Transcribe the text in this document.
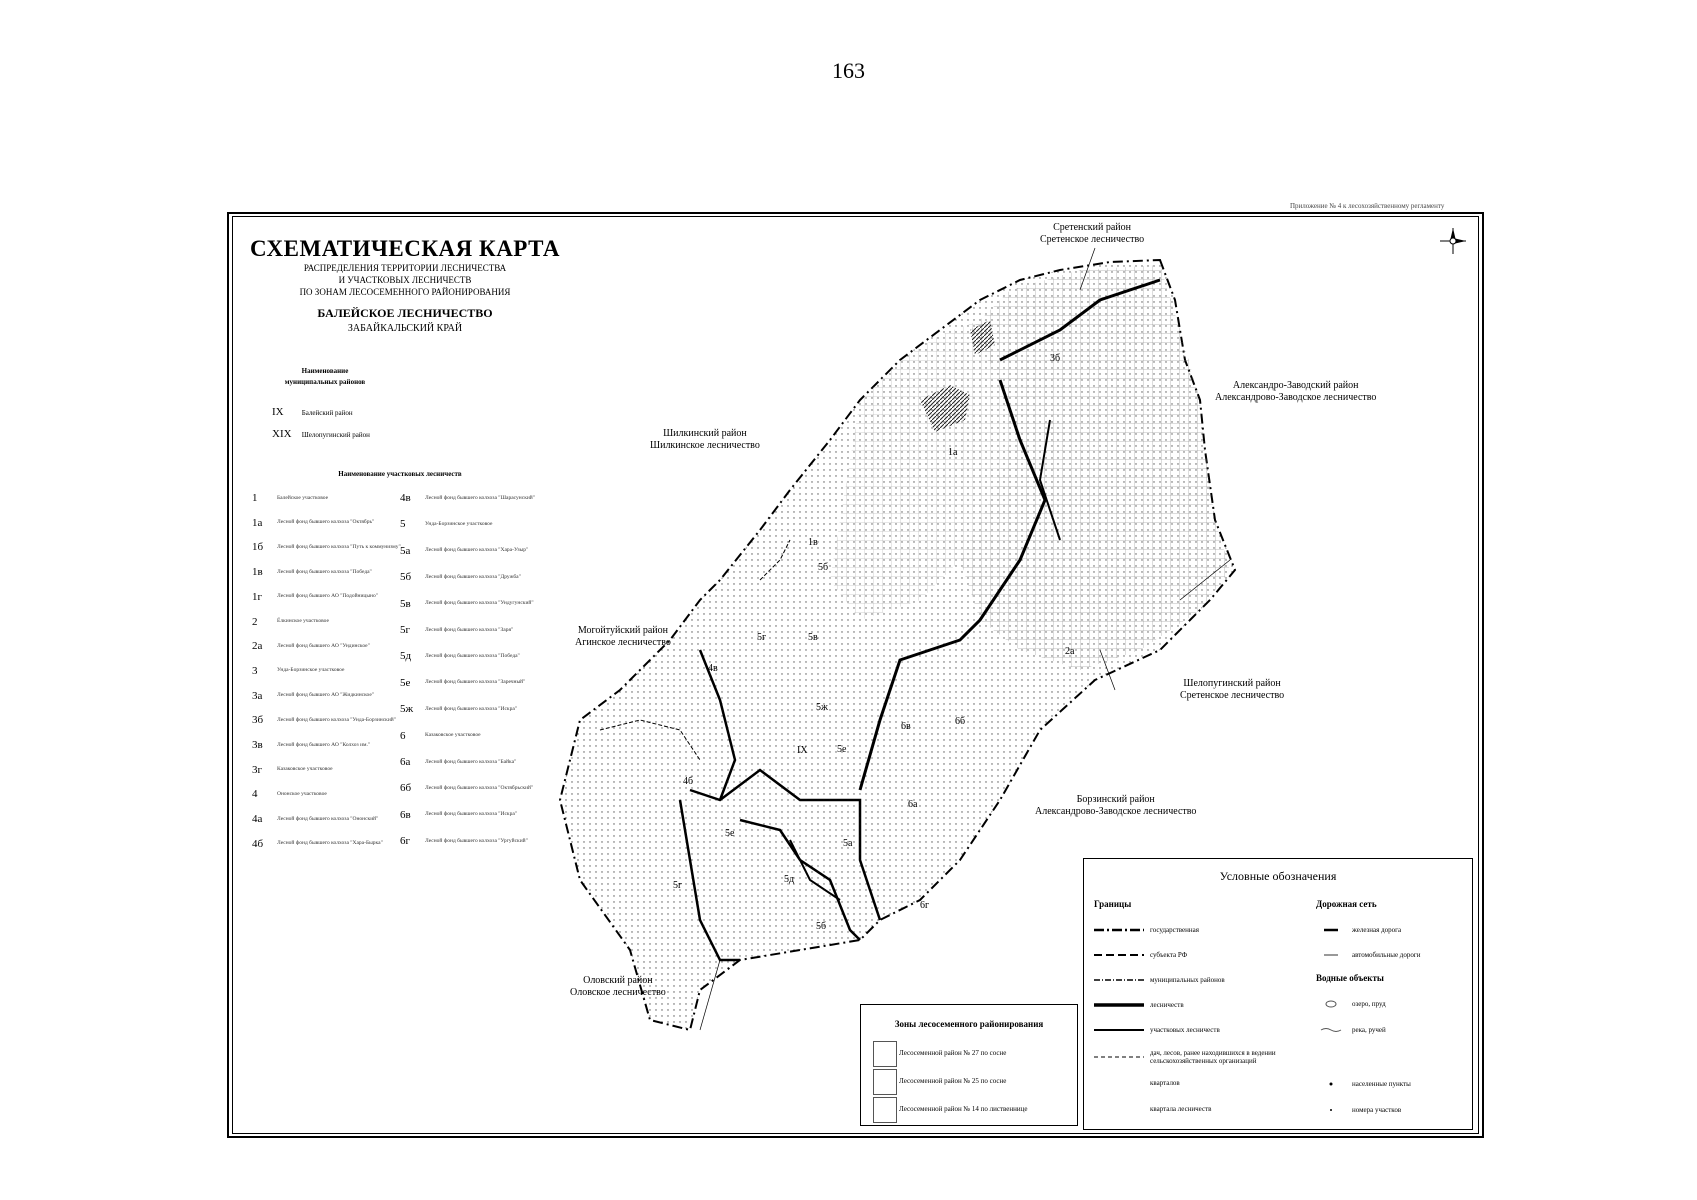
163
Приложение № 4 к лесохозяйственному регламенту
СХЕМАТИЧЕСКАЯ КАРТА
РАСПРЕДЕЛЕНИЯ ТЕРРИТОРИИ ЛЕСНИЧЕСТВА
И УЧАСТКОВЫХ ЛЕСНИЧЕСТВ
ПО ЗОНАМ ЛЕСОСЕМЕННОГО РАЙОНИРОВАНИЯ
БАЛЕЙСКОЕ ЛЕСНИЧЕСТВО
ЗАБАЙКАЛЬСКИЙ КРАЙ
Наименование
муниципальных районов
IX	Балейский район
XIX Шелопугинский район
Наименование участковых лесничеств
1	Балейское участковое
1а	Лесной фонд бывшего колхоза "Октябрь"
1б	Лесной фонд бывшего колхоза "Путь к коммунизму"
1в	Лесной фонд бывшего колхоза "Победа"
1г	Лесной фонд бывшего АО "Подойницыно"
2	Ёлкинское участковое
2а	Лесной фонд бывшего АО "Ундинское"
3	Унда-Борзинское участковое
3а	Лесной фонд бывшего АО "Жидкинское"
3б	Лесной фонд бывшего колхоза "Унда-Борзинский"
3в	Лесной фонд бывшего АО "Колхоз им."
3г	Казаковское участковое
4	Ононское участковое
4а	Лесной фонд бывшего колхоза "Ононский"
4б	Лесной фонд бывшего колхоза "Хара-Бырка"
4в	Лесной фонд бывшего колхоза "Шарасунский"
5	Унда-Борзинское участковое
5а	Лесной фонд бывшего колхоза "Хара-Узыр"
5б	Лесной фонд бывшего колхоза "Дружба"
5в	Лесной фонд бывшего колхоза "Ундугунский"
5г	Лесной фонд бывшего колхоза "Заря"
5д	Лесной фонд бывшего колхоза "Победа"
5е	Лесной фонд бывшего колхоза "Заречный"
5ж	Лесной фонд бывшего колхоза "Искра"
6	Казаковское участковое
6а	Лесной фонд бывшего колхоза "Байка"
6б	Лесной фонд бывшего колхоза "Октябрьский"
6в	Лесной фонд бывшего колхоза "Искра"
6г	Лесной фонд бывшего колхоза "Ургуйский"
Сретенский район
Сретенское лесничество
Александро-Заводский район
Александрово-Заводское лесничество
Шилкинский район
Шилкинское лесничество
Могойтуйский район
Агинское лесничество
Шелопугинский район
Сретенское лесничество
Борзинский район
Александрово-Заводское лесничество
Оловский район
Оловское лесничество
3б
1а
1в
5б
5г	5в
4в
5ж
IX	5е
6в	6б
2а
4б
6а
5а
5е
5д
5г
5б
6г
Зоны лесосеменного районирования
Лесосеменной район № 27 по сосне
Лесосеменной район № 25 по сосне
Лесосеменной район № 14 по лиственнице
Условные обозначения
Границы	Дорожная сеть
Водные объекты
государственная
субъекта РФ
муниципальных районов
лесничеств
участковых лесничеств
дач, лесов, ранее находившихся в ведении сельскохозяйственных организаций
кварталов
квартала лесничеств
железная дорога
автомобильные дороги
озеро, пруд
река, ручей
населенные пункты
номера участков
